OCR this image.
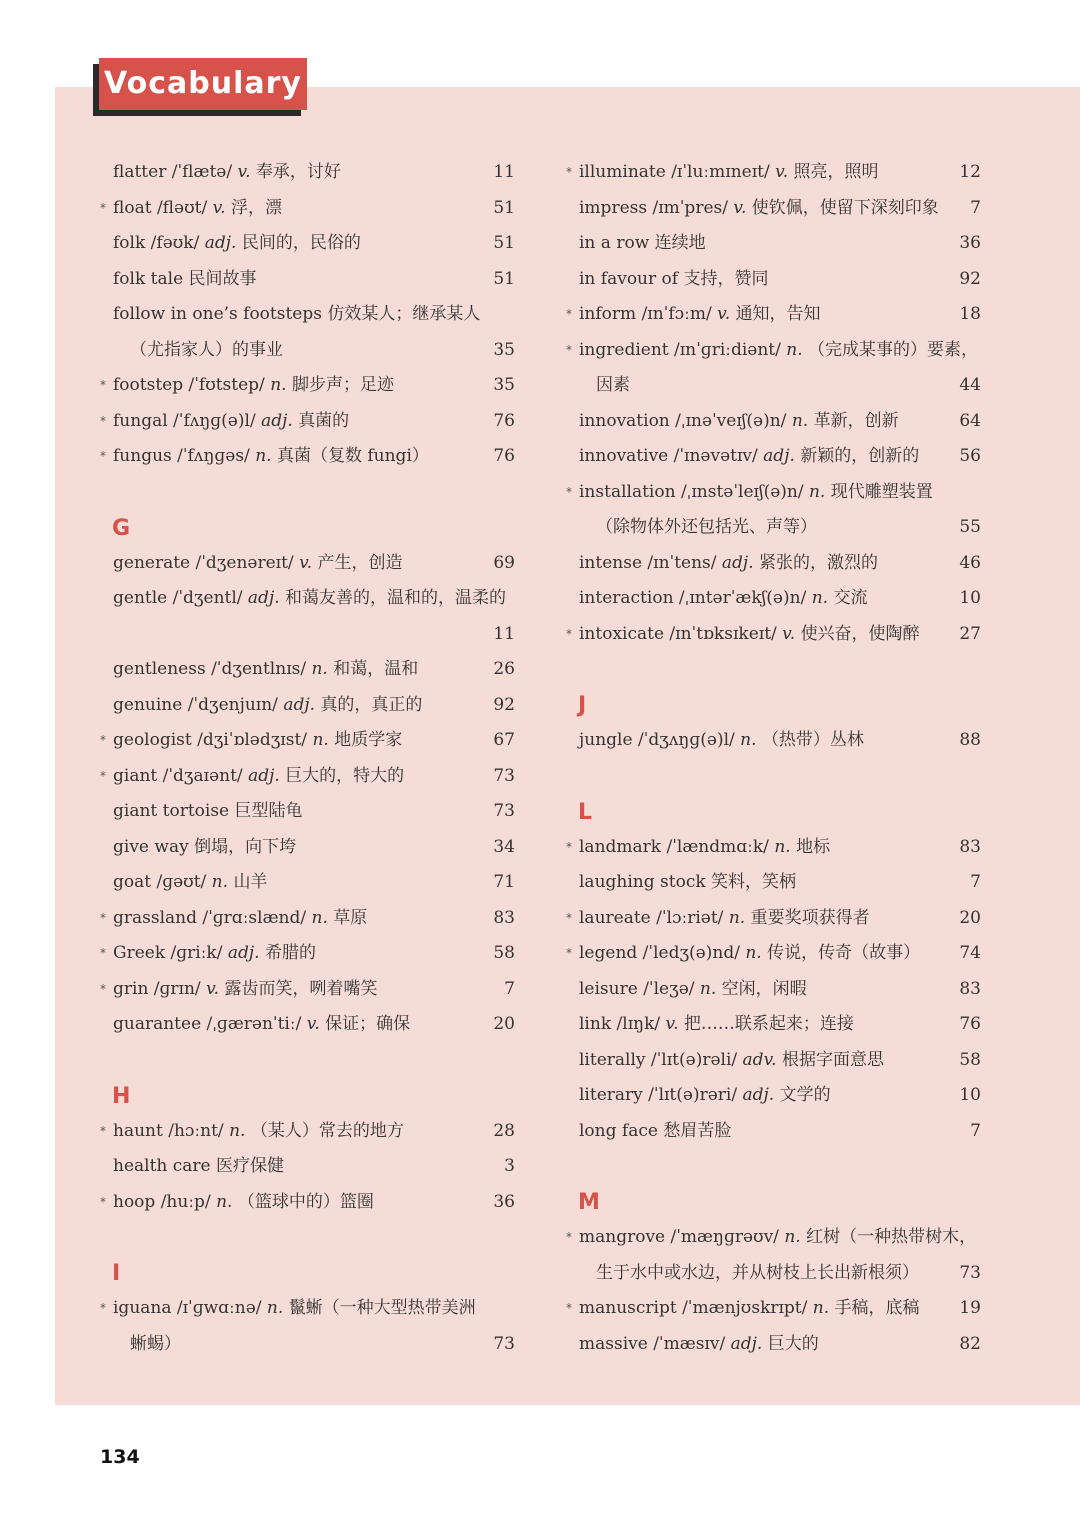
Vocabulary
flatter /ˈflætə/ v. 奉承，讨好	11
* float /fləʊt/ v. 浮，漂	51
folk /fəʊk/ adj. 民间的，民俗的	51
folk tale 民间故事	51
follow in one’s footsteps 仿效某人；继承某人
（尤指家人）的事业	35
* footstep /ˈfʊtstep/ n. 脚步声；足迹	35
* fungal /ˈfʌŋɡ(ə)l/ adj. 真菌的	76
* fungus /ˈfʌŋɡəs/ n. 真菌（复数 fungi）	76
G
generate /ˈdʒenəreɪt/ v. 产生，创造	69
gentle /ˈdʒentl/ adj. 和蔼友善的，温和的，温柔的
11
gentleness /ˈdʒentlnɪs/ n. 和蔼，温和	26
genuine /ˈdʒenjuɪn/ adj. 真的，真正的	92
* geologist /dʒiˈɒlədʒɪst/ n. 地质学家	67
* giant /ˈdʒaɪənt/ adj. 巨大的，特大的	73
giant tortoise 巨型陆龟	73
give way 倒塌，向下垮	34
goat /ɡəʊt/ n. 山羊	71
* grassland /ˈɡrɑːslænd/ n. 草原	83
* Greek /ɡriːk/ adj. 希腊的	58
* grin /ɡrɪn/ v. 露齿而笑，咧着嘴笑	7
guarantee /ˌɡærənˈtiː/ v. 保证；确保	20
H
* haunt /hɔːnt/ n. （某人）常去的地方	28
health care 医疗保健	3
* hoop /huːp/ n. （篮球中的）篮圈	36
I
* iguana /ɪˈɡwɑːnə/ n. 鬣蜥（一种大型热带美洲
蜥蜴）	73
* illuminate /ɪˈluːmɪneɪt/ v. 照亮，照明	12
impress /ɪmˈpres/ v. 使钦佩，使留下深刻印象 7
in a row 连续地	36
in favour of 支持，赞同	92
* inform /ɪnˈfɔːm/ v. 通知，告知	18
* ingredient /ɪnˈɡriːdiənt/ n. （完成某事的）要素，
因素	44
innovation /ˌɪnəˈveɪʃ(ə)n/ n. 革新，创新	64
innovative /ˈɪnəvətɪv/ adj. 新颖的，创新的 56
* installation /ˌɪnstəˈleɪʃ(ə)n/ n. 现代雕塑装置
（除物体外还包括光、声等）	55
intense /ɪnˈtens/ adj. 紧张的，激烈的	46
interaction /ˌɪntərˈækʃ(ə)n/ n. 交流	10
* intoxicate /ɪnˈtɒksɪkeɪt/ v. 使兴奋，使陶醉 27
J
jungle /ˈdʒʌŋɡ(ə)l/ n. （热带）丛林	88
L
* landmark /ˈlændmɑːk/ n. 地标	83
laughing stock 笑料，笑柄	7
* laureate /ˈlɔːriət/ n. 重要奖项获得者	20
* legend /ˈledʒ(ə)nd/ n. 传说，传奇（故事） 74
leisure /ˈleʒə/ n. 空闲，闲暇	83
link /lɪŋk/ v. 把……联系起来；连接	76
literally /ˈlɪt(ə)rəli/ adv. 根据字面意思	58
literary /ˈlɪt(ə)rəri/ adj. 文学的	10
long face 愁眉苦脸	7
M
* mangrove /ˈmæŋɡrəʊv/ n. 红树（一种热带树木，
生于水中或水边，并从树枝上长出新根须） 73
* manuscript /ˈmænjʊskrɪpt/ n. 手稿，底稿 19
massive /ˈmæsɪv/ adj. 巨大的	82
134
